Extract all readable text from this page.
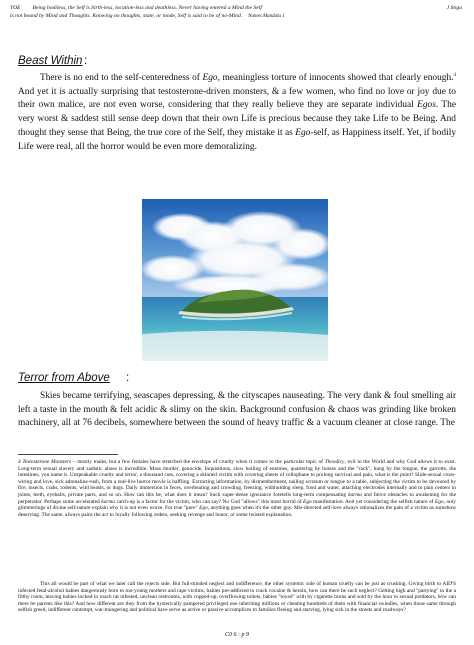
TOE Being bodiless, the Self is birth-less, location-less and deathless. Never having entered a Mind the Self	J Stiga
is not bound by Mind and Thoughts. Knowing no thoughts, state, or mode, Self is said to be of no-Mind. Names Mandala 1
Beast Within :

There is no end to the self-centeredness of Ego, meaningless torture of innocents showed that clearly enough.$^4$ And yet it is actually surprising that testosterone-driven monsters, & a few women, who find no love or joy due to their own malice, are not even worse, considering that they really believe they are separate individual Egos. The very worst & saddest still sense deep down that their own Life is precious because they take Life to be Being. And thought they sense that Being, the true core of the Self, they mistake it as Ego-self, as Happiness itself. Yet, if bodily Life were real, all the horror would be even more demoralizing.

Terror from Above :

Skies became terrifying, seascapes depressing, & the cityscapes nauseating. The very dank & foul smelling air left a taste in the mouth & felt acidic & slimy on the skin. Background confusion & chaos was grinding like broken machinery, all at 76 decibels, somewhere between the sound of heavy traffic & a vacuum cleaner at close range. The

4 Testosterone Monsters – mostly males, but a few females have stretched the envelope of cruelty when it comes to the particular topic of Theodicy, evil in the World and why God allows it to exist. Long-term sexual slavery and sadistic abuse is incredible. Mass murder, genocide, Inquisitions, slow boiling of enemies, quartering by horses and the "rack", hung by the tongue, the garrotte, the intestines, you name it. Unspeakable cruelty and terror, a thousand cuts, covering a skinned victim with covering sheets of cellophane to prolong survival and pain, what is the point? Slide-sexual cross-wiring and love, sick adrenaline-rush, from a real-live horror movie is baffling. Extracting information, by dismemberment, nailing scrotum or tongue to a table, subjecting the victim to be devoured by fire, insects, crabs, rodents, wild beasts, or dogs. Daily immersion in feces, overbearing and crowding, freezing, withholding sleep, food and water, attaching electrodes internally and to pain centers in joints, teeth, eyeballs, private parts, and so on. How can this be, what does it mean? Such super-dense ignorance foretells long-term compensating karma and fierce obstacles to awakening for the perpetrator. Perhaps some accelerated karma catch-up is a factor for the victim, who can say? No God "allows" this most horrid of Ego manifestation. And yet considering the selfish nature of Ego, only glimmerings of divine self-nature explain why it is not even worse. For true "pure" Ego, anything goes when it's the other guy. Mis-directed self-love always rationalizes the pain of a victim as somehow deserving. The same, always pains the act to loyally following orders, seeking revenge and honor, or some twisted explanation.

This all would be part of what we later call the rejects side. But full-minded neglect and indifference, the other systemic side of human cruelty can be just as crushing. Giving birth to AID'S infected fetal-alcohol babies dangerously born to too-young mothers and rape victims, babies pre-addicted to crack cocaine & heroin, how can there be such neglect? Getting high and "partying" in the a filthy room, leaving babies locked in roach rat infested, unclean restrooms, with copped-up, overflowing toilets, babies "toyed" with by cigarette burns and sold by the hour to sexual predators, how can there be parents like this? And how different are they from the hysterically pampered privileged one inheriting millions or cheating hundreds of them with financial swindles, when those same through selfish greed, indifferent contempt, war-mongering and political have serve as active or passive accomplices to families fleeing and starving, lying sick in the streets and roadways?

C0 6 : p 9
